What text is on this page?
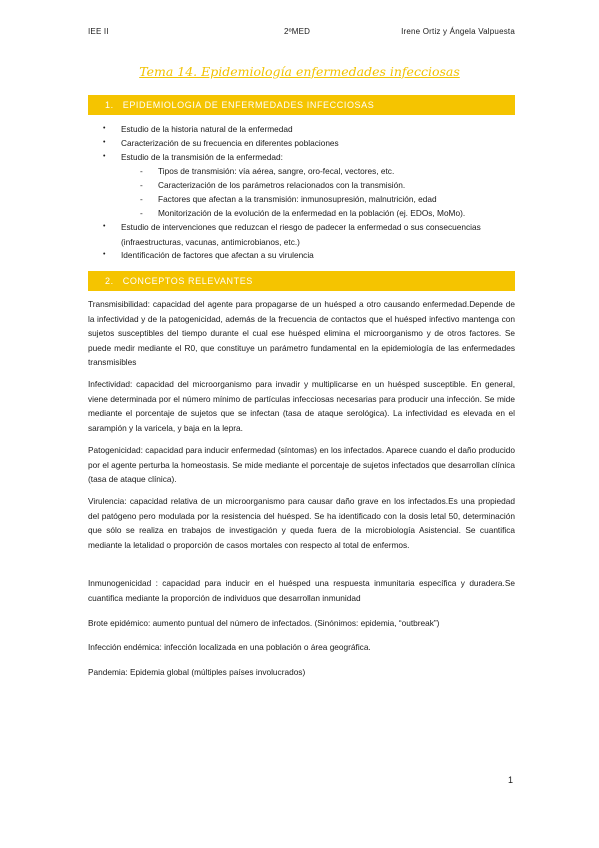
IEE II	2ºMED	Irene Ortiz y Ángela Valpuesta
Tema 14. Epidemiología enfermedades infecciosas
1. EPIDEMIOLOGIA DE ENFERMEDADES INFECCIOSAS
•	Estudio de la historia natural de la enfermedad
•	Caracterización de su frecuencia en diferentes poblaciones
•	Estudio de la transmisión de la enfermedad:
-	Tipos de transmisión: vía aérea, sangre, oro-fecal, vectores, etc.
-	Caracterización de los parámetros relacionados con la transmisión.
-	Factores que afectan a la transmisión: inmunosupresión, malnutrición, edad
-	Monitorización de la evolución de la enfermedad en la población (ej. EDOs, MoMo).
•	Estudio de intervenciones que reduzcan el riesgo de padecer la enfermedad o sus consecuencias (infraestructuras, vacunas, antimicrobianos, etc.)
•	Identificación de factores que afectan a su virulencia
2. CONCEPTOS RELEVANTES
Transmisibilidad: capacidad del agente para propagarse de un huésped a otro causando enfermedad.Depende de la infectividad y de la patogenicidad, además de la frecuencia de contactos que el huésped infectivo mantenga con sujetos susceptibles del tiempo durante el cual ese huésped elimina el microorganismo y de otros factores. Se puede medir mediante el R0, que constituye un parámetro fundamental en la epidemiología de las enfermedades transmisibles
Infectividad: capacidad del microorganismo para invadir y multiplicarse en un huésped susceptible. En general, viene determinada por el número mínimo de partículas infecciosas necesarias para producir una infección. Se mide mediante el porcentaje de sujetos que se infectan (tasa de ataque serológica). La infectividad es elevada en el sarampión y la varicela, y baja en la lepra.
Patogenicidad: capacidad para inducir enfermedad (síntomas) en los infectados. Aparece cuando el daño producido por el agente perturba la homeostasis. Se mide mediante el porcentaje de sujetos infectados que desarrollan clínica (tasa de ataque clínica).
Virulencia: capacidad relativa de un microorganismo para causar daño grave en los infectados.Es una propiedad del patógeno pero modulada por la resistencia del huésped. Se ha identificado con la dosis letal 50, determinación que sólo se realiza en trabajos de investigación y queda fuera de la microbiología Asistencial. Se cuantifica mediante la letalidad o proporción de casos mortales con respecto al total de enfermos.
Inmunogenicidad : capacidad para inducir en el huésped una respuesta inmunitaria específica y duradera.Se cuantifica mediante la proporción de individuos que desarrollan inmunidad
Brote epidémico: aumento puntual del número de infectados. (Sinónimos: epidemia, “outbreak”)
Infección endémica: infección localizada en una población o área geográfica.
Pandemia: Epidemia global (múltiples países involucrados)
1
